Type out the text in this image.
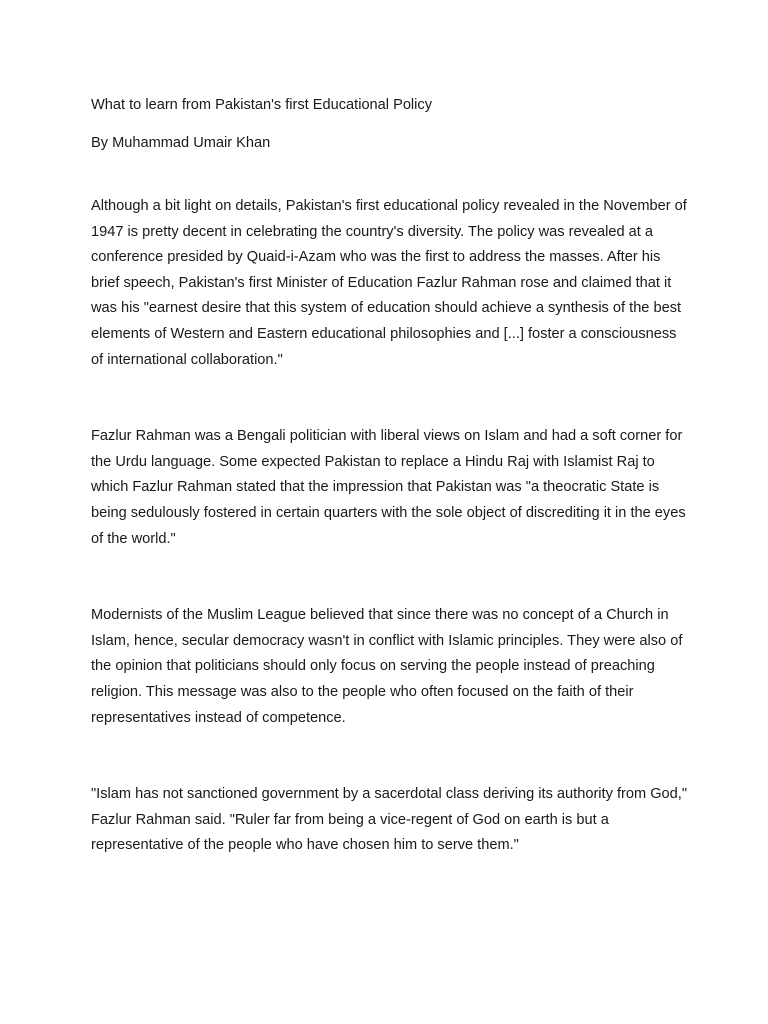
What to learn from Pakistan's first Educational Policy

By Muhammad Umair Khan

Although a bit light on details, Pakistan's first educational policy revealed in the November of 1947 is pretty decent in celebrating the country's diversity. The policy was revealed at a conference presided by Quaid-i-Azam who was the first to address the masses. After his brief speech, Pakistan's first Minister of Education Fazlur Rahman rose and claimed that it was his "earnest desire that this system of education should achieve a synthesis of the best elements of Western and Eastern educational philosophies and [...] foster a consciousness of international collaboration."

Fazlur Rahman was a Bengali politician with liberal views on Islam and had a soft corner for the Urdu language. Some expected Pakistan to replace a Hindu Raj with Islamist Raj to which Fazlur Rahman stated that the impression that Pakistan was "a theocratic State is being sedulously fostered in certain quarters with the sole object of discrediting it in the eyes of the world."

Modernists of the Muslim League believed that since there was no concept of a Church in Islam, hence, secular democracy wasn't in conflict with Islamic principles. They were also of the opinion that politicians should only focus on serving the people instead of preaching religion. This message was also to the people who often focused on the faith of their representatives instead of competence.

"Islam has not sanctioned government by a sacerdotal class deriving its authority from God," Fazlur Rahman said. "Ruler far from being a vice-regent of God on earth is but a representative of the people who have chosen him to serve them."
